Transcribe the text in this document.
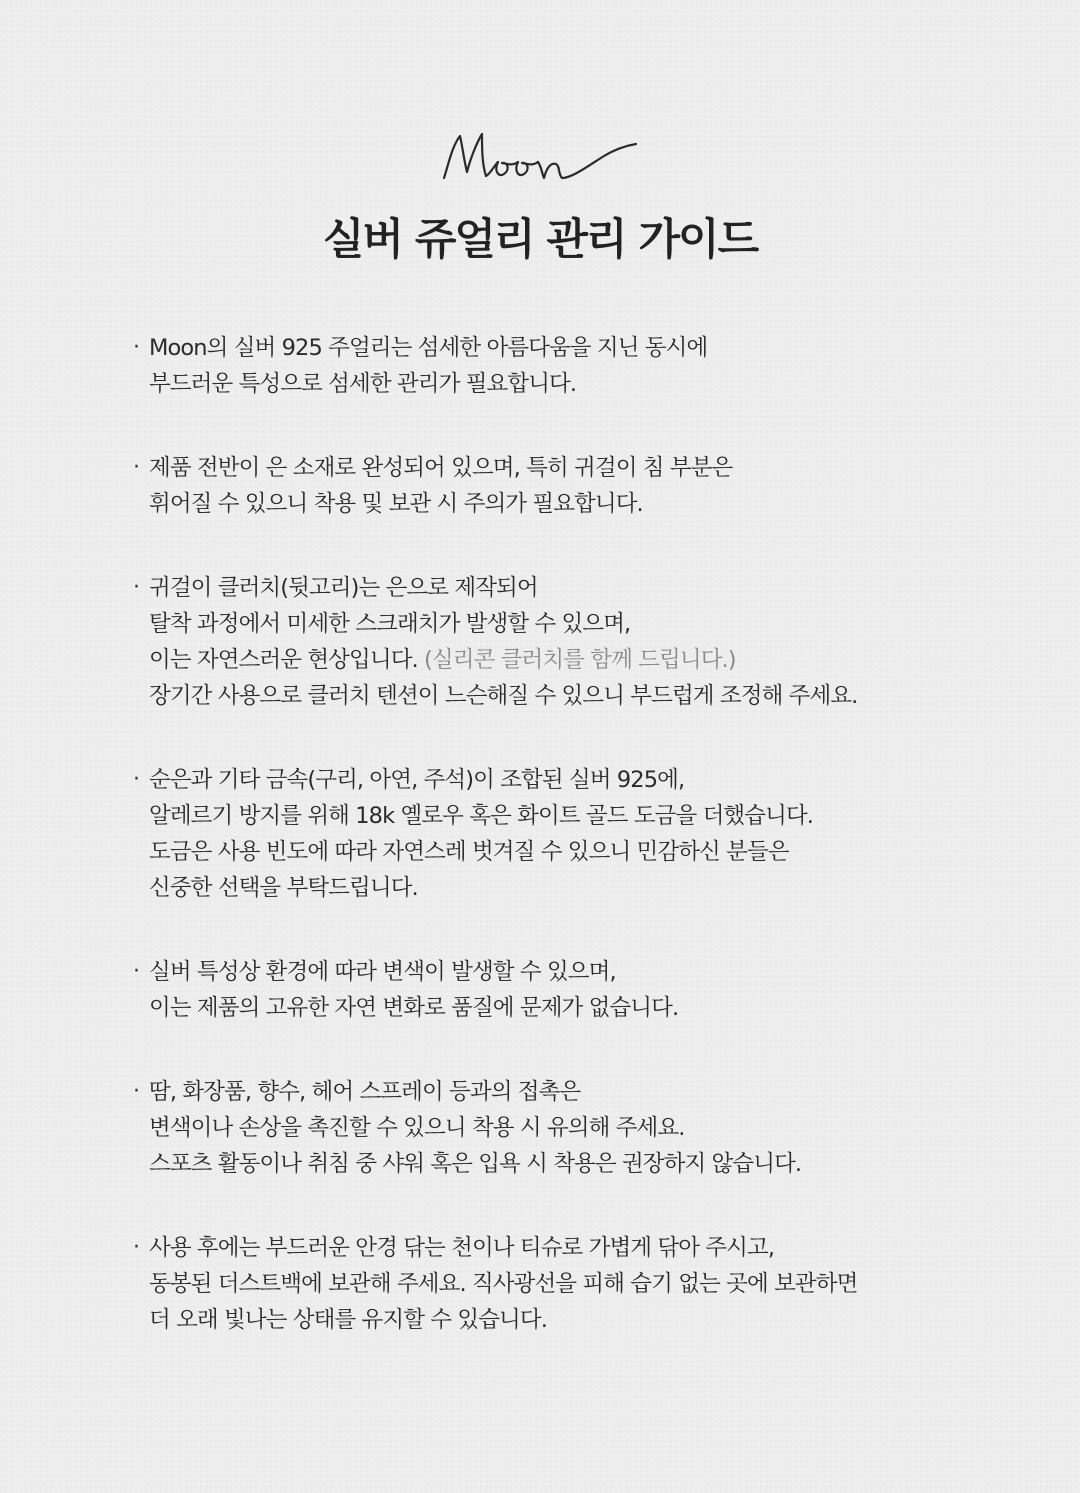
실버 쥬얼리 관리 가이드
· Moon의 실버 925 주얼리는 섬세한 아름다움을 지닌 동시에
부드러운 특성으로 섬세한 관리가 필요합니다.
· 제품 전반이 은 소재로 완성되어 있으며, 특히 귀걸이 침 부분은
휘어질 수 있으니 착용 및 보관 시 주의가 필요합니다.
· 귀걸이 클러치(뒷고리)는 은으로 제작되어
탈착 과정에서 미세한 스크래치가 발생할 수 있으며,
이는 자연스러운 현상입니다. (실리콘 클러치를 함께 드립니다.)
장기간 사용으로 클러치 텐션이 느슨해질 수 있으니 부드럽게 조정해 주세요.
· 순은과 기타 금속(구리, 아연, 주석)이 조합된 실버 925에,
알레르기 방지를 위해 18k 옐로우 혹은 화이트 골드 도금을 더했습니다.
도금은 사용 빈도에 따라 자연스레 벗겨질 수 있으니 민감하신 분들은
신중한 선택을 부탁드립니다.
· 실버 특성상 환경에 따라 변색이 발생할 수 있으며,
이는 제품의 고유한 자연 변화로 품질에 문제가 없습니다.
· 땀, 화장품, 향수, 헤어 스프레이 등과의 접촉은
변색이나 손상을 촉진할 수 있으니 착용 시 유의해 주세요.
스포츠 활동이나 취침 중 샤워 혹은 입욕 시 착용은 권장하지 않습니다.
· 사용 후에는 부드러운 안경 닦는 천이나 티슈로 가볍게 닦아 주시고,
동봉된 더스트백에 보관해 주세요. 직사광선을 피해 습기 없는 곳에 보관하면
더 오래 빛나는 상태를 유지할 수 있습니다.
